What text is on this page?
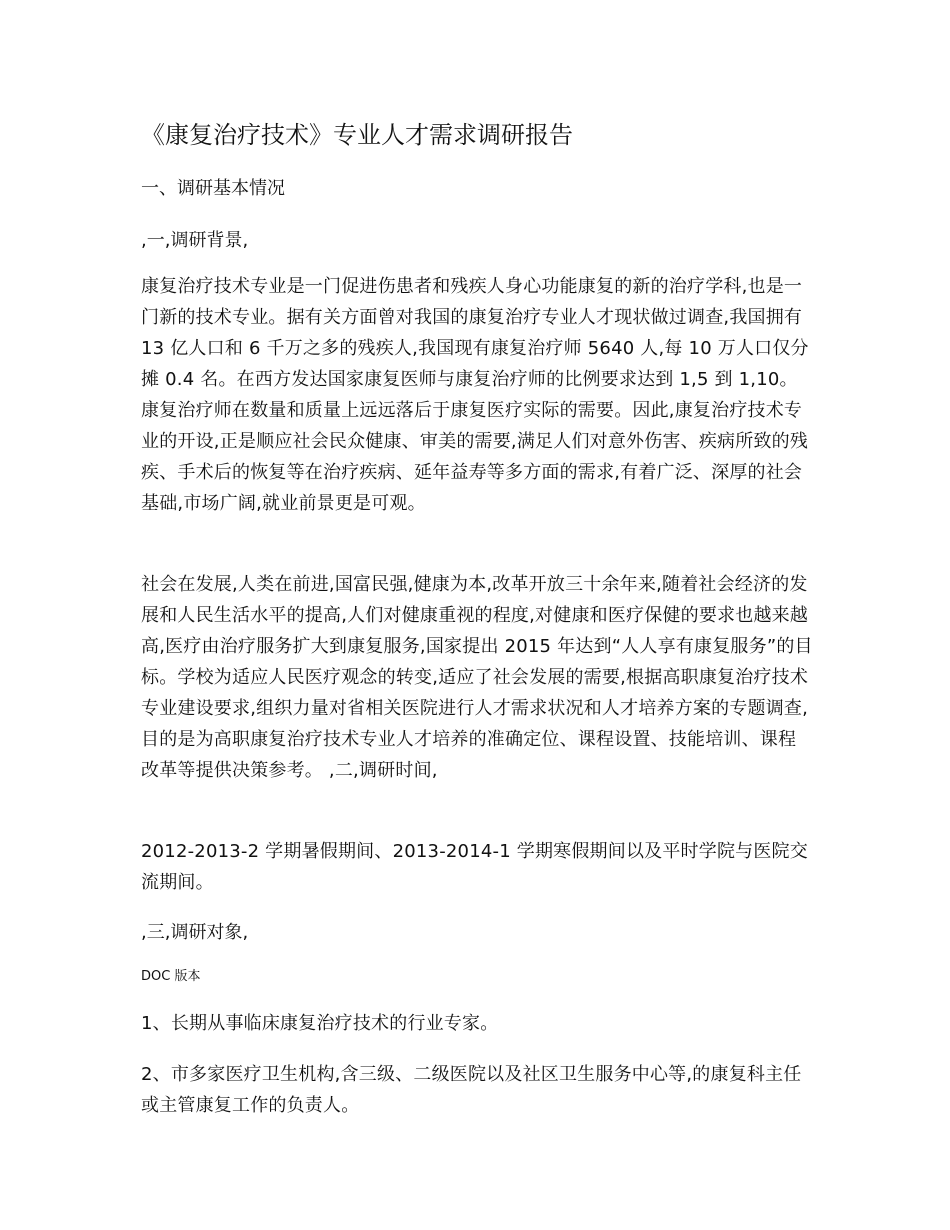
《康复治疗技术》专业人才需求调研报告

一、调研基本情况

,一,调研背景,

康复治疗技术专业是一门促进伤患者和残疾人身心功能康复的新的治疗学科,也是一门新的技术专业。据有关方面曾对我国的康复治疗专业人才现状做过调查,我国拥有 13 亿人口和 6 千万之多的残疾人,我国现有康复治疗师 5640 人,每 10 万人口仅分摊 0.4 名。在西方发达国家康复医师与康复治疗师的比例要求达到 1,5 到 1,10。康复治疗师在数量和质量上远远落后于康复医疗实际的需要。因此,康复治疗技术专业的开设,正是顺应社会民众健康、审美的需要,满足人们对意外伤害、疾病所致的残疾、手术后的恢复等在治疗疾病、延年益寿等多方面的需求,有着广泛、深厚的社会基础,市场广阔,就业前景更是可观。

社会在发展,人类在前进,国富民强,健康为本,改革开放三十余年来,随着社会经济的发展和人民生活水平的提高,人们对健康重视的程度,对健康和医疗保健的要求也越来越高,医疗由治疗服务扩大到康复服务,国家提出 2015 年达到“人人享有康复服务”的目标。学校为适应人民医疗观念的转变,适应了社会发展的需要,根据高职康复治疗技术专业建设要求,组织力量对省相关医院进行人才需求状况和人才培养方案的专题调查,目的是为高职康复治疗技术专业人才培养的准确定位、课程设置、技能培训、课程改革等提供决策参考。 ,二,调研时间,

2012-2013-2 学期暑假期间、2013-2014-1 学期寒假期间以及平时学院与医院交流期间。

,三,调研对象,

DOC 版本

1、长期从事临床康复治疗技术的行业专家。

2、市多家医疗卫生机构,含三级、二级医院以及社区卫生服务中心等,的康复科主任或主管康复工作的负责人。
